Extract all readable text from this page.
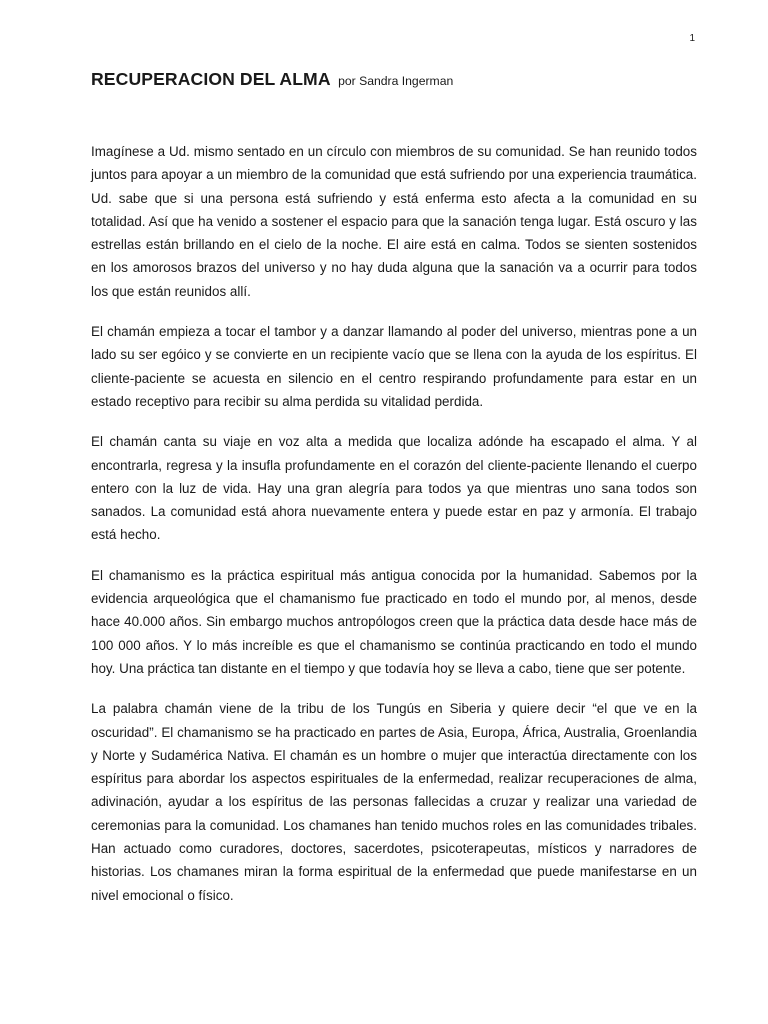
1
RECUPERACION DEL ALMA por Sandra Ingerman

Imagínese a Ud. mismo sentado en un círculo con miembros de su comunidad. Se han reunido todos juntos para apoyar a un miembro de la comunidad que está sufriendo por una experiencia traumática. Ud. sabe que si una persona está sufriendo y está enferma esto afecta a la comunidad en su totalidad. Así que ha venido a sostener el espacio para que la sanación tenga lugar. Está oscuro y las estrellas están brillando en el cielo de la noche. El aire está en calma. Todos se sienten sostenidos en los amorosos brazos del universo y no hay duda alguna que la sanación va a ocurrir para todos los que están reunidos allí.

El chamán empieza a tocar el tambor y a danzar llamando al poder del universo, mientras pone a un lado su ser egóico y se convierte en un recipiente vacío que se llena con la ayuda de los espíritus. El cliente-paciente se acuesta en silencio en el centro respirando profundamente para estar en un estado receptivo para recibir su alma perdida su vitalidad perdida.

El chamán canta su viaje en voz alta a medida que localiza adónde ha escapado el alma. Y al encontrarla, regresa y la insufla profundamente en el corazón del cliente-paciente llenando el cuerpo entero con la luz de vida. Hay una gran alegría para todos ya que mientras uno sana todos son sanados. La comunidad está ahora nuevamente entera y puede estar en paz y armonía. El trabajo está hecho.

El chamanismo es la práctica espiritual más antigua conocida por la humanidad. Sabemos por la evidencia arqueológica que el chamanismo fue practicado en todo el mundo por, al menos, desde hace 40.000 años. Sin embargo muchos antropólogos creen que la práctica data desde hace más de 100 000 años. Y lo más increíble es que el chamanismo se continúa practicando en todo el mundo hoy. Una práctica tan distante en el tiempo y que todavía hoy se lleva a cabo, tiene que ser potente.

La palabra chamán viene de la tribu de los Tungús en Siberia y quiere decir “el que ve en la oscuridad”. El chamanismo se ha practicado en partes de Asia, Europa, África, Australia, Groenlandia y Norte y Sudamérica Nativa. El chamán es un hombre o mujer que interactúa directamente con los espíritus para abordar los aspectos espirituales de la enfermedad, realizar recuperaciones de alma, adivinación, ayudar a los espíritus de las personas fallecidas a cruzar y realizar una variedad de ceremonias para la comunidad. Los chamanes han tenido muchos roles en las comunidades tribales. Han actuado como curadores, doctores, sacerdotes, psicoterapeutas, místicos y narradores de historias. Los chamanes miran la forma espiritual de la enfermedad que puede manifestarse en un nivel emocional o físico.
